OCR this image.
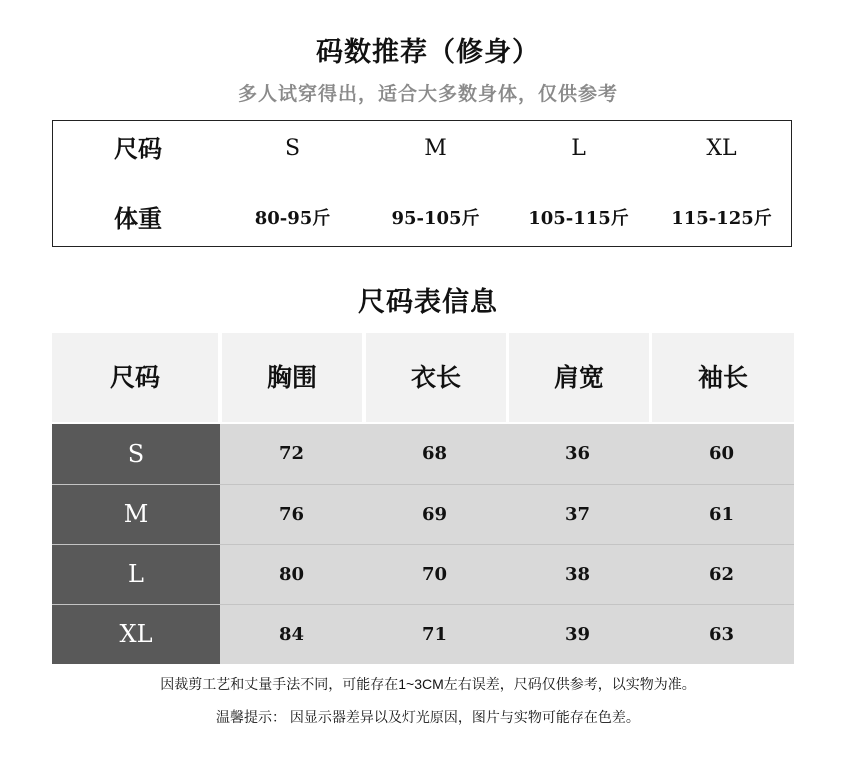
码数推荐（修身）
多人试穿得出，适合大多数身体，仅供参考
尺码	S	M	L	XL
体重	80-95斤	95-105斤	105-115斤	115-125斤
尺码表信息
尺码	胸围	衣长	肩宽	袖长
S	72	68	36	60
M	76	69	37	61
L	80	70	38	62
XL	84	71	39	63
因裁剪工艺和丈量手法不同，可能存在1~3CM左右误差，尺码仅供参考，以实物为准。
温馨提示： 因显示器差异以及灯光原因，图片与实物可能存在色差。
